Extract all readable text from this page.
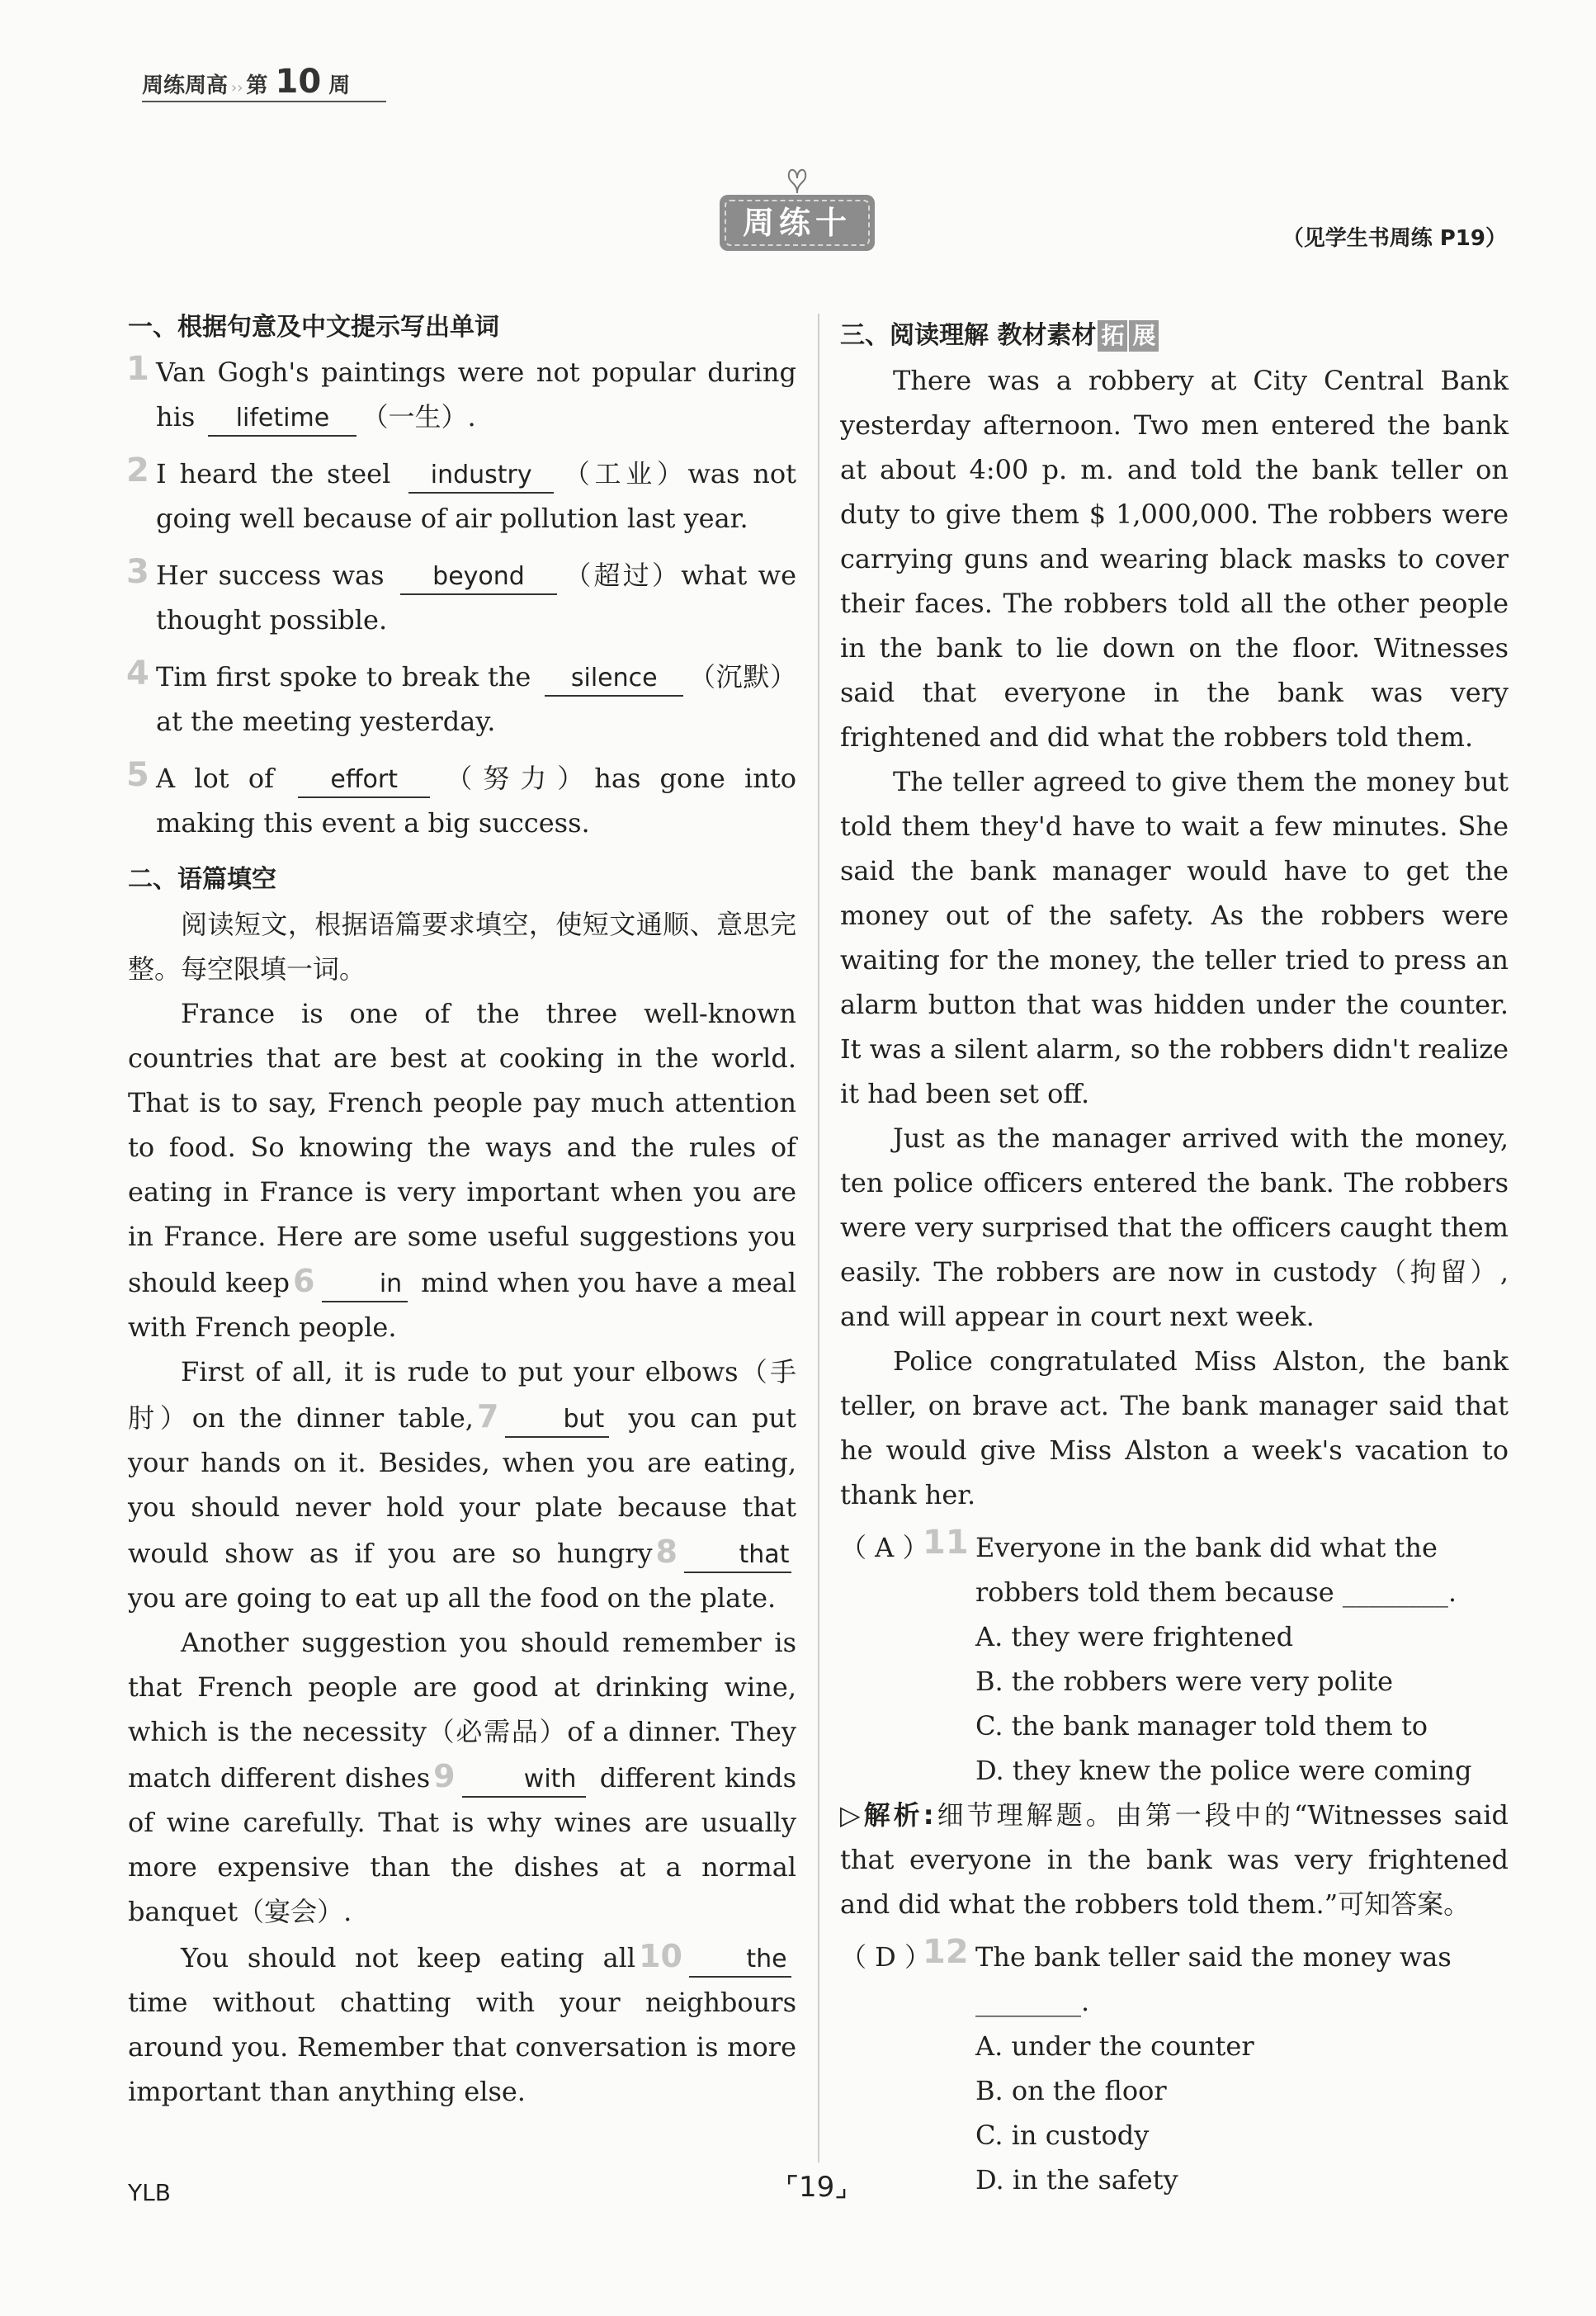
周练周高 ›› 第 10 周
周练十	（见学生书周练 P19）
一、根据句意及中文提示写出单词
1 Van Gogh's paintings were not popular during his lifetime （一生）.
2 I heard the steel industry （工业）was not going well because of air pollution last year.
3 Her success was beyond （超过）what we thought possible.
4 Tim first spoke to break the silence （沉默）at the meeting yesterday.
5 A lot of effort （努力）has gone into making this event a big success.
二、语篇填空

阅读短文，根据语篇要求填空，使短文通顺、意思完整。每空限填一词。

France is one of the three well-known countries that are best at cooking in the world. That is to say, French people pay much attention to food. So knowing the ways and the rules of eating in France is very important when you are in France. Here are some useful suggestions you should keep 6	in mind when you have a meal with French people.

First of all, it is rude to put your elbows（手肘）on the dinner table, 7	but you can put your hands on it. Besides, when you are eating, you should never hold your plate because that would show as if you are so hungry 8 that you are going to eat up all the food on the plate.

Another suggestion you should remember is that French people are good at drinking wine, which is the necessity（必需品）of a dinner. They match different dishes 9	with different kinds of wine carefully. That is why wines are usually more expensive than the dishes at a normal banquet（宴会）.

You should not keep eating all 10	the time without chatting with your neighbours around you. Remember that conversation is more important than anything else.

三、阅读理解 教材素材 拓 展

There was a robbery at City Central Bank yesterday afternoon. Two men entered the bank at about 4:00 p. m. and told the bank teller on duty to give them $ 1,000,000. The robbers were carrying guns and wearing black masks to cover their faces. The robbers told all the other people in the bank to lie down on the floor. Witnesses said that everyone in the bank was very frightened and did what the robbers told them.

The teller agreed to give them the money but told them they'd have to wait a few minutes. She said the bank manager would have to get the money out of the safety. As the robbers were waiting for the money, the teller tried to press an alarm button that was hidden under the counter. It was a silent alarm, so the robbers didn't realize it had been set off.

Just as the manager arrived with the money, ten police officers entered the bank. The robbers were very surprised that the officers caught them easily. The robbers are now in custody（拘留）, and will appear in court next week.

Police congratulated Miss Alston, the bank teller, on brave act. The bank manager said that he would give Miss Alston a week's vacation to thank her.

（ A ）
11 Everyone in the bank did what the robbers told them because ________.
A. they were frightened
B. the robbers were very polite
C. the bank manager told them to
D. they knew the police were coming
▷解析:细节理解题。由第一段中的“Witnesses said that everyone in the bank was very frightened and did what the robbers told them.”可知答案。
（ D ）
12 The bank teller said the money was ________.
A. under the counter
B. on the floor
C. in custody
D. in the safety
YLB	⌜19⌟
